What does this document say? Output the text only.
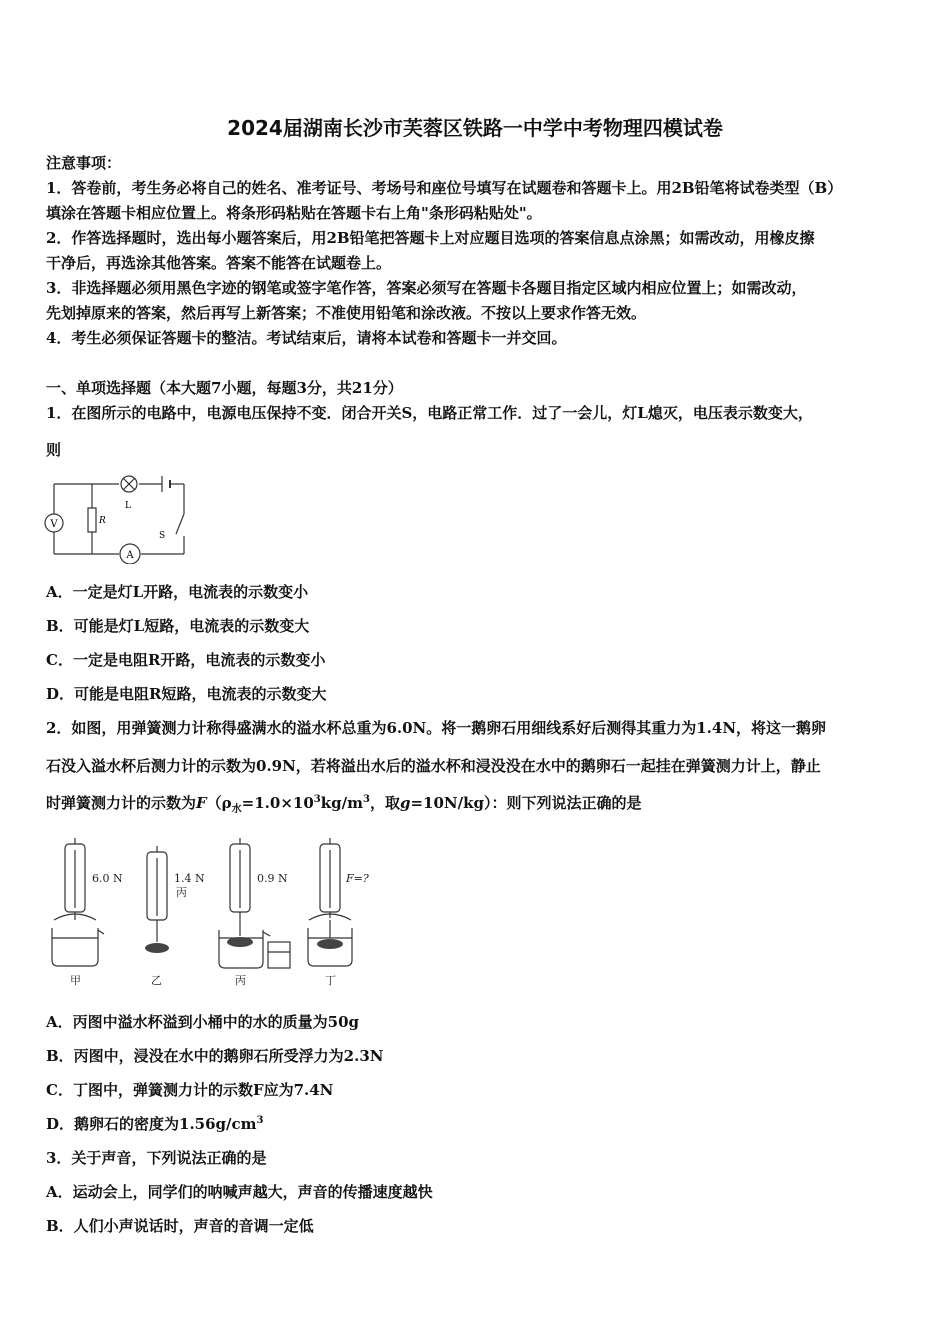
2024届湖南长沙市芙蓉区铁路一中学中考物理四模试卷
注意事项：
1．答卷前，考生务必将自己的姓名、准考证号、考场号和座位号填写在试题卷和答题卡上。用2B铅笔将试卷类型（B）
填涂在答题卡相应位置上。将条形码粘贴在答题卡右上角"条形码粘贴处"。
2．作答选择题时，选出每小题答案后，用2B铅笔把答题卡上对应题目选项的答案信息点涂黑；如需改动，用橡皮擦
干净后，再选涂其他答案。答案不能答在试题卷上。
3．非选择题必须用黑色字迹的钢笔或签字笔作答，答案必须写在答题卡各题目指定区域内相应位置上；如需改动，
先划掉原来的答案，然后再写上新答案；不准使用铅笔和涂改液。不按以上要求作答无效。
4．考生必须保证答题卡的整洁。考试结束后，请将本试卷和答题卡一并交回。
一、单项选择题（本大题7小题，每题3分，共21分）
1．在图所示的电路中，电源电压保持不变．闭合开关S，电路正常工作．过了一会儿，灯L熄灭，电压表示数变大，
则
V	R
L
A
S
A．一定是灯L开路，电流表的示数变小
B．可能是灯L短路，电流表的示数变大
C．一定是电阻R开路，电流表的示数变小
D．可能是电阻R短路，电流表的示数变大
2．如图，用弹簧测力计称得盛满水的溢水杯总重为6.0N。将一鹅卵石用细线系好后测得其重力为1.4N，将这一鹅卵
石没入溢水杯后测力计的示数为0.9N，若将溢出水后的溢水杯和浸没没在水中的鹅卵石一起挂在弹簧测力计上，静止
时弹簧测力计的示数为$F(\rho_水=1.0\times 10^3kg/m^3$，取g=10N/kg）：则下列说法正确的是
6.0 N	1.4 N
丙
0.9 N	F=?
甲	乙	丙	丁
A．丙图中溢水杯溢到小桶中的水的质量为50g
B．丙图中，浸没在水中的鹅卵石所受浮力为2.3N
C．丁图中，弹簧测力计的示数F应为7.4N
D．鹅卵石的密度为$1.56g/cm^3$
3．关于声音，下列说法正确的是
A．运动会上，同学们的呐喊声越大，声音的传播速度越快
B．人们小声说话时，声音的音调一定低
